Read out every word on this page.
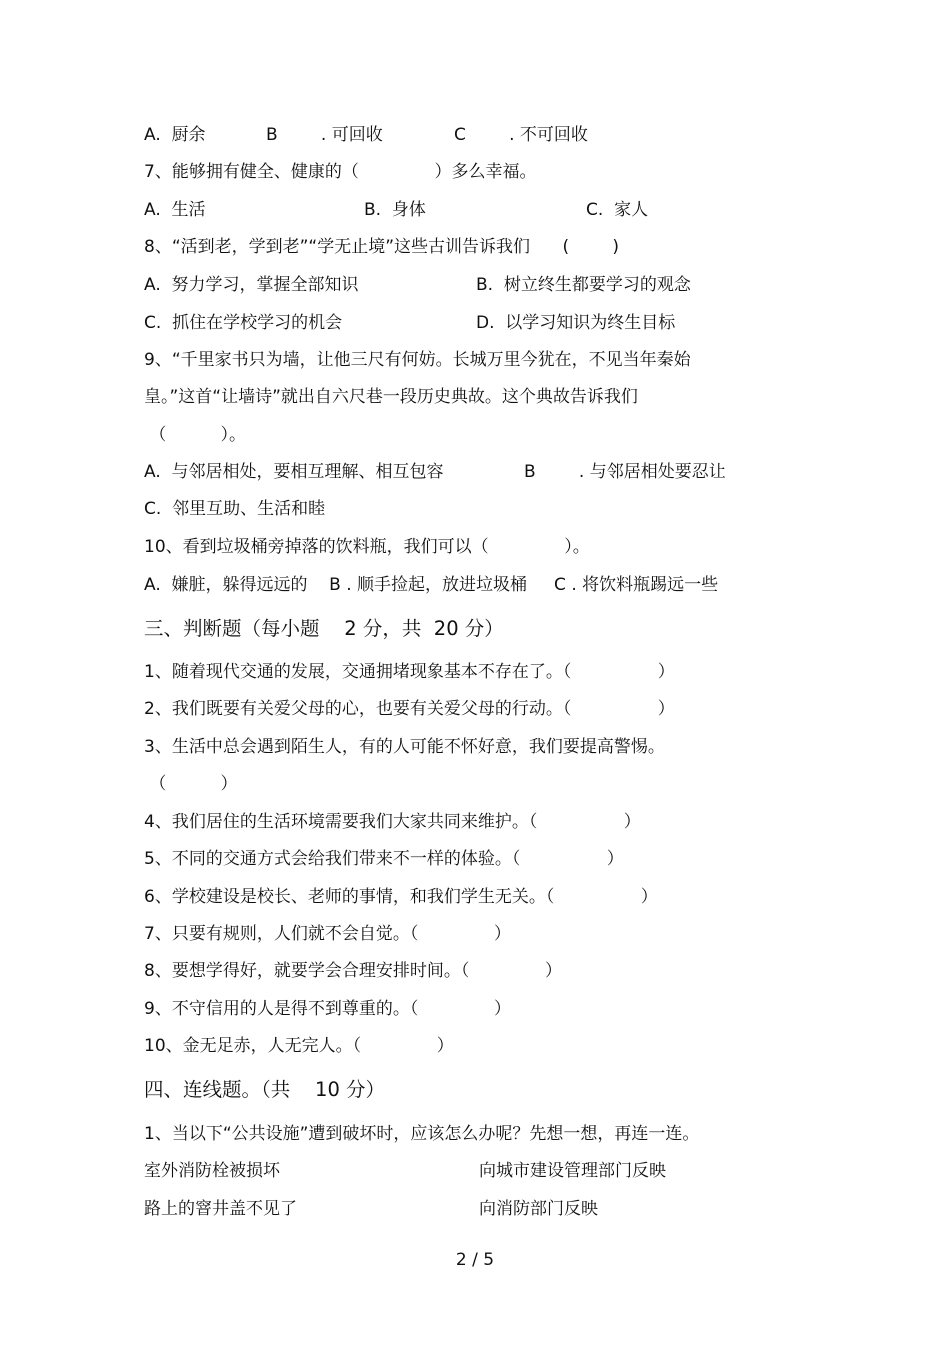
A.  厨余

	B        . 可回收

	C        . 不可回收

7、能够拥有健全、健康的（              ）多么幸福。

A.  生活

	B.  身体

	C.  家人

8、“活到老，学到老”“学无止境”这些古训告诉我们      (        )

A.  努力学习，掌握全部知识

	B.  树立终生都要学习的观念

C.  抓住在学校学习的机会

	D.  以学习知识为终生目标

9、“千里家书只为墙，让他三尺有何妨。长城万里今犹在，不见当年秦始
皇。”这首“让墙诗”就出自六尺巷一段历史典故。这个典故告诉我们
（          ）。

A.  与邻居相处，要相互理解、相互包容

	B        . 与邻居相处要忍让

C.  邻里互助、生活和睦
10、看到垃圾桶旁掉落的饮料瓶，我们可以（              ）。
A.  嫌脏，躲得远远的    B . 顺手捡起，放进垃圾桶     C . 将饮料瓶踢远一些
三、判断题（每小题    2 分，共  20 分）
1、随着现代交通的发展，交通拥堵现象基本不存在了。（                ）
2、我们既要有关爱父母的心，也要有关爱父母的行动。（                ）
3、生活中总会遇到陌生人，有的人可能不怀好意，我们要提高警惕。
（          ）
4、我们居住的生活环境需要我们大家共同来维护。（                ）
5、不同的交通方式会给我们带来不一样的体验。（                ）
6、学校建设是校长、老师的事情，和我们学生无关。（                ）
7、只要有规则，人们就不会自觉。（              ）
8、要想学得好，就要学会合理安排时间。（              ）
9、不守信用的人是得不到尊重的。（              ）
10、金无足赤，人无完人。（              ）
四、连线题。（共    10 分）
1、当以下“公共设施”遭到破坏时，应该怎么办呢？先想一想，再连一连。

室外消防栓被损坏

	向城市建设管理部门反映

路上的窨井盖不见了

	向消防部门反映

2 / 5
